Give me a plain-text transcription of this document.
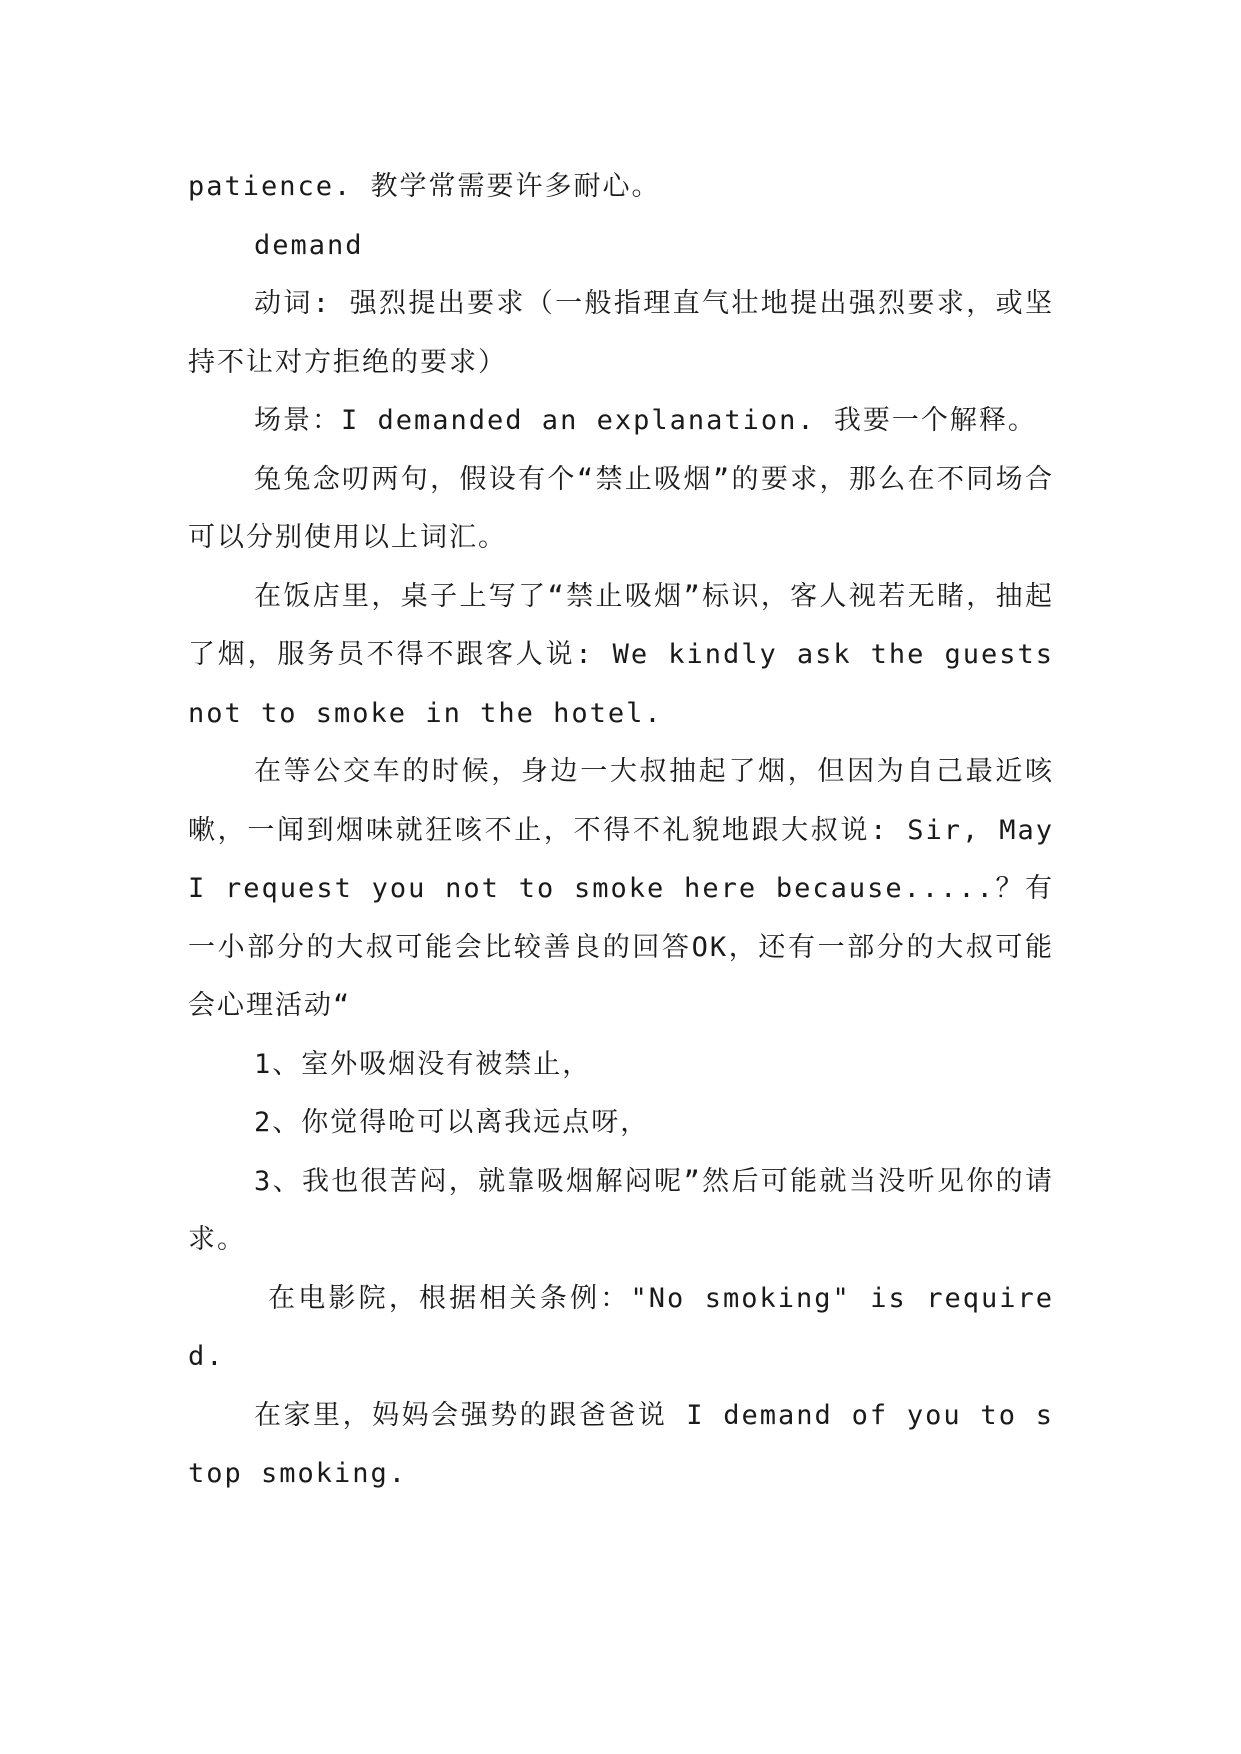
patience. 教学常需要许多耐心。

demand

动词: 强烈提出要求（一般指理直气壮地提出强烈要求，或坚持不让对方拒绝的要求）

场景：I demanded an explanation. 我要一个解释。

兔兔念叨两句，假设有个“禁止吸烟”的要求，那么在不同场合可以分别使用以上词汇。

在饭店里，桌子上写了“禁止吸烟”标识，客人视若无睹，抽起了烟，服务员不得不跟客人说: We kindly ask the guests not to smoke in the hotel.

在等公交车的时候，身边一大叔抽起了烟，但因为自己最近咳嗽，一闻到烟味就狂咳不止，不得不礼貌地跟大叔说: Sir, May I request you not to smoke here because.....？有一小部分的大叔可能会比较善良的回答OK，还有一部分的大叔可能会心理活动“

1、室外吸烟没有被禁止，

2、你觉得呛可以离我远点呀，

3、我也很苦闷，就靠吸烟解闷呢”然后可能就当没听见你的请求。

在电影院，根据相关条例："No smoking" is required.

在家里，妈妈会强势的跟爸爸说 I demand of you to stop smoking.
